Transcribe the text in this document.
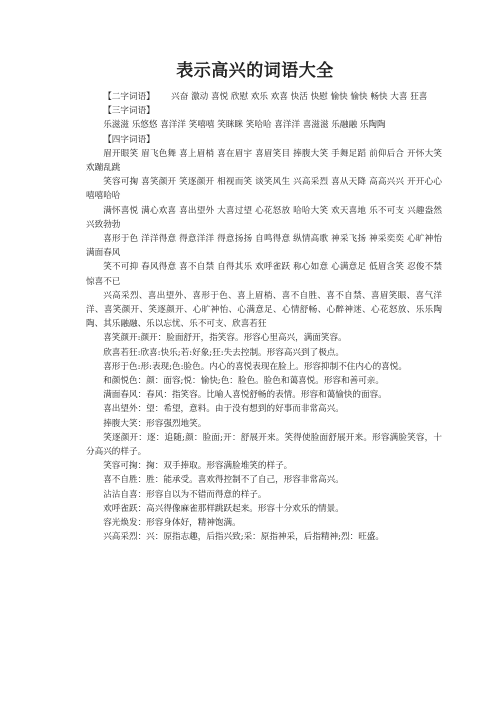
表示高兴的词语大全

【二字词语】 兴奋 激动 喜悦 欣慰 欢乐 欢喜 快活 快慰 愉快 愉快 畅快 大喜 狂喜

【三字词语】

乐滋滋 乐悠悠 喜洋洋 笑嘻嘻 笑眯眯 笑哈哈 喜洋洋 喜滋滋 乐融融 乐陶陶

【四字词语】

眉开眼笑 眉飞色舞 喜上眉梢 喜在眉宇 喜眉笑目 捧腹大笑 手舞足蹈 前仰后合 开怀大笑 欢蹦乱跳

笑容可掬 喜笑颜开 笑逐颜开 相视而笑 谈笑风生 兴高采烈 喜从天降 高高兴兴 开开心心 嘻嘻哈哈

满怀喜悦 满心欢喜 喜出望外 大喜过望 心花怒放 哈哈大笑 欢天喜地 乐不可支 兴趣盎然 兴致勃勃

喜形于色 洋洋得意 得意洋洋 得意扬扬 自鸣得意 纵情高歌 神采飞扬 神采奕奕 心旷神怡 满面春风

笑不可抑 春风得意 喜不自禁 自得其乐 欢呼雀跃 称心如意 心满意足 低眉含笑 忍俊不禁 惊喜不已

兴高采烈、喜出望外、喜形于色、喜上眉梢、喜不自胜、喜不自禁、喜眉笑眼、喜气洋洋、喜笑颜开、笑逐颜开、心旷神怡、心满意足、心情舒畅、心醉神迷、心花怒放、乐乐陶陶、其乐融融、乐以忘忧、乐不可支、欣喜若狂

喜笑颜开:颜开：脸面舒开，指笑容。形容心里高兴，满面笑容。

欣喜若狂:欣喜:快乐;若:好象;狂:失去控制。形容高兴到了极点。

喜形于色:形:表现;色:脸色。内心的喜悦表现在脸上。形容抑制不住内心的喜悦。

和颜悦色：颜：面容;悦：愉快;色：脸色。脸色和蔼喜悦。形容和善可亲。

满面春风：春风：指笑容。比喻人喜悦舒畅的表情。形容和蔼愉快的面容。

喜出望外：望：希望，意料。由于没有想到的好事而非常高兴。

捧腹大笑：形容强烈地笑。

笑逐颜开：逐：追随;颜：脸面;开：舒展开来。笑得使脸面舒展开来。形容满脸笑容，十分高兴的样子。

笑容可掬：掬：双手捧取。形容满脸堆笑的样子。

喜不自胜：胜：能承受。喜欢得控制不了自己，形容非常高兴。

沾沾自喜：形容自以为不错而得意的样子。

欢呼雀跃：高兴得像麻雀那样跳跃起来。形容十分欢乐的情景。

容光焕发：形容身体好，精神饱满。

兴高采烈：兴：原指志趣，后指兴致;采：原指神采，后指精神;烈：旺盛。
